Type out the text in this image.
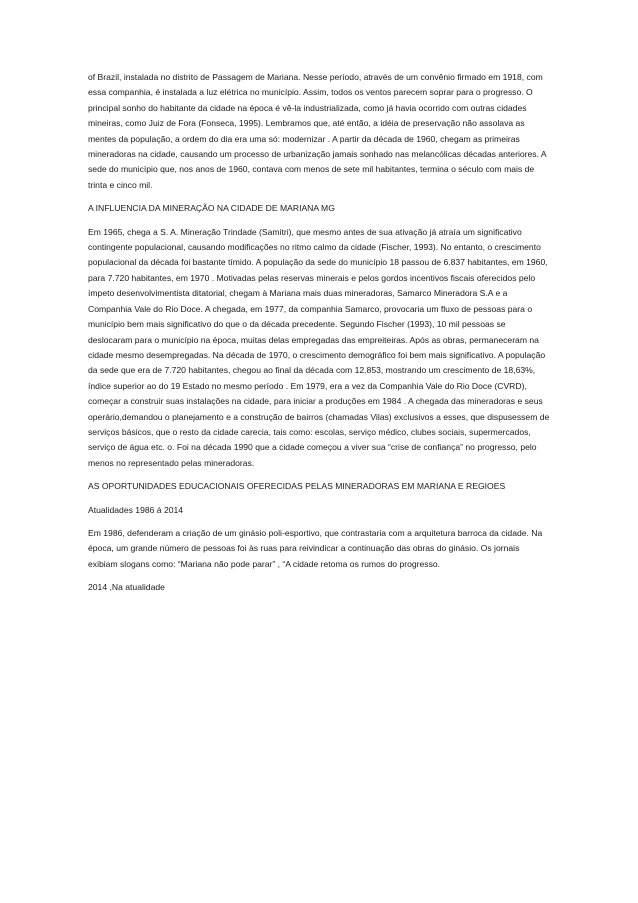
of Brazil, instalada no distrito de Passagem de Mariana. Nesse período, através de um convênio firmado em 1918, com essa companhia, é instalada a luz elétrica no município. Assim, todos os ventos parecem soprar para o progresso. O principal sonho do habitante da cidade na época é vê-la industrializada, como já havia ocorrido com outras cidades mineiras, como Juiz de Fora (Fonseca, 1995). Lembramos que, até então, a idéia de preservação não assolava as mentes da população, a ordem do dia era uma só: modernizar . A partir da década de 1960, chegam as primeiras mineradoras na cidade, causando um processo de urbanização jamais sonhado nas melancólicas décadas anteriores. A sede do município que, nos anos de 1960, contava com menos de sete mil habitantes, termina o século com mais de trinta e cinco mil.

A INFLUENCIA DA MINERAÇÃO NA CIDADE DE MARIANA MG

Em 1965, chega a S. A. Mineração Trindade (Samitri), que mesmo antes de sua ativação já atraía um significativo contingente populacional, causando modificações no ritmo calmo da cidade (Fischer, 1993). No entanto, o crescimento populacional da década foi bastante tímido. A população da sede do município 18 passou de 6.837 habitantes, em 1960, para 7.720 habitantes, em 1970 . Motivadas pelas reservas minerais e pelos gordos incentivos fiscais oferecidos pelo ímpeto desenvolvimentista ditatorial, chegam à Mariana mais duas mineradoras, Samarco Mineradora S.A e a Companhia Vale do Rio Doce. A chegada, em 1977, da companhia Samarco, provocaria um fluxo de pessoas para o município bem mais significativo do que o da década precedente. Segundo Fischer (1993), 10 mil pessoas se deslocaram para o município na época, muitas delas empregadas das empreiteiras. Após as obras, permaneceram na cidade mesmo desempregadas. Na década de 1970, o crescimento demográfico foi bem mais significativo. A população da sede que era de 7.720 habitantes, chegou ao final da década com 12.853, mostrando um crescimento de 18,63%, índice superior ao do 19 Estado no mesmo período . Em 1979, era a vez da Companhia Vale do Rio Doce (CVRD), começar a construir suas instalações na cidade, para iniciar a produções em 1984 . A chegada das mineradoras e seus operário,demandou o planejamento e a construção de bairros (chamadas Vilas) exclusivos a esses, que dispusessem de serviços básicos, que o resto da cidade carecia, tais como: escolas, serviço médico, clubes sociais, supermercados, serviço de água etc. o. Foi na década 1990 que a cidade começou a viver sua “crise de confiança” no progresso, pelo menos no representado pelas mineradoras.

AS OPORTUNIDADES EDUCACIONAIS OFERECIDAS PELAS MINERADORAS EM MARIANA E REGIOES

Atualidades 1986 á 2014

Em 1986, defenderam a criação de um ginásio poli-esportivo, que contrastaria com a arquitetura barroca da cidade. Na época, um grande número de pessoas foi às ruas para reivindicar a continuação das obras do ginásio. Os jornais exibiam slogans como: “Mariana não pode parar” , “A cidade retoma os rumos do progresso.

2014 ,Na atualidade
